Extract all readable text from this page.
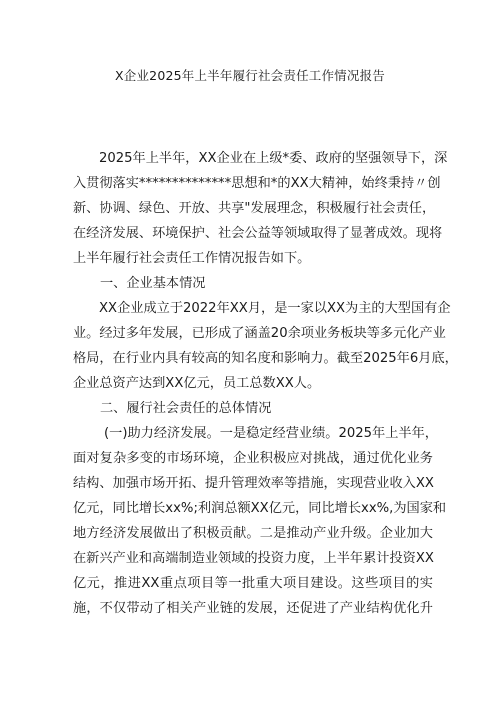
X企业2025年上半年履行社会责任工作情况报告
2025年上半年，XX企业在上级*委、政府的坚强领导下，深
入贯彻落实**************思想和*的XX大精神，始终秉持〃创
新、协调、绿色、开放、共享"发展理念，积极履行社会责任，
在经济发展、环境保护、社会公益等领域取得了显著成效。现将
上半年履行社会责任工作情况报告如下。
一、企业基本情况
XX企业成立于2022年XX月，是一家以XX为主的大型国有企
业。经过多年发展，已形成了涵盖20余项业务板块等多元化产业
格局，在行业内具有较高的知名度和影响力。截至2025年6月底，
企业总资产达到XX亿元，员工总数XX人。
二、履行社会责任的总体情况
(一)助力经济发展。一是稳定经营业绩。2025年上半年，
面对复杂多变的市场环境，企业积极应对挑战，通过优化业务
结构、加强市场开拓、提升管理效率等措施，实现营业收入XX
亿元，同比增长xx%;利润总额XX亿元，同比增长xx%,为国家和
地方经济发展做出了积极贡献。二是推动产业升级。企业加大
在新兴产业和高端制造业领域的投资力度，上半年累计投资XX
亿元，推进XX重点项目等一批重大项目建设。这些项目的实
施，不仅带动了相关产业链的发展，还促进了产业结构优化升
